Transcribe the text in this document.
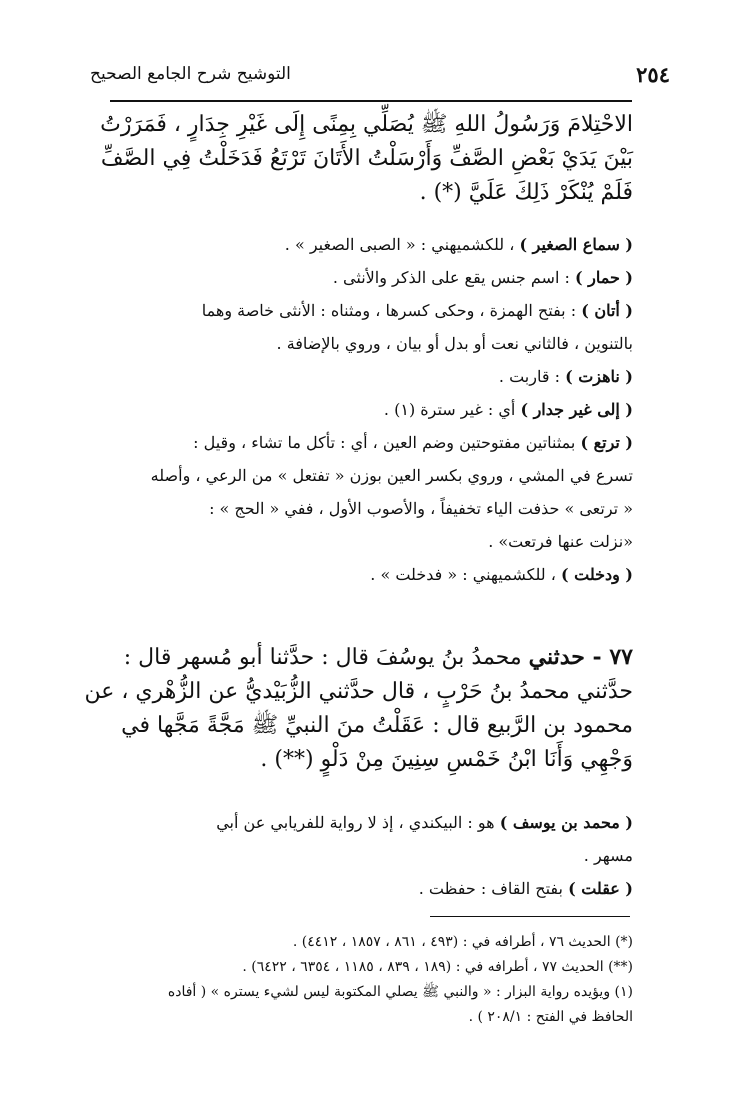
٢٥٤
التوشيح شرح الجامع الصحيح
الاحْتِلامَ وَرَسُولُ اللهِ ﷺ يُصَلِّي بِمِنًى إِلَى غَيْرِ جِدَارٍ ، فَمَرَرْتُ
بَيْنَ يَدَيْ بَعْضِ الصَّفِّ وَأَرْسَلْتُ الأَتَانَ تَرْتَعُ فَدَخَلْتُ فِي الصَّفِّ
فَلَمْ يُنْكَرْ ذَلِكَ عَلَيَّ (*) .
( سماع الصغير ) ، للكشميهني : « الصبى الصغير » .
( حمار ) : اسم جنس يقع على الذكر والأنثى .
( أتان ) : بفتح الهمزة ، وحكى كسرها ، ومثناه : الأنثى خاصة وهما
بالتنوين ، فالثاني نعت أو بدل أو بيان ، وروي بالإضافة .
( ناهزت ) : قاربت .
( إلى غير جدار ) أي : غير سترة (١) .
( ترتع ) بمثناتين مفتوحتين وضم العين ، أي : تأكل ما تشاء ، وقيل :
تسرع في المشي ، وروي بكسر العين بوزن « تفتعل » من الرعي ، وأصله
« ترتعى » حذفت الياء تخفيفاً ، والأصوب الأول ، ففي « الحج » :
«نزلت عنها فرتعت» .
( ودخلت ) ، للكشميهني : « فدخلت » .
٧٧ - حدثني محمدُ بنُ يوسُفَ قال : حدَّثنا أبو مُسهر قال :
حدَّثني محمدُ بنُ حَرْبٍ ، قال حدَّثني الزُّبَيْديُّ عن الزُّهْري ، عن
محمود بن الرَّبيع قال : عَقَلْتُ منَ النبيِّ ﷺ مَجَّةً مَجَّها في
وَجْهِي وَأَنَا ابْنُ خَمْسِ سِنِينَ مِنْ دَلْوٍ (**) .
( محمد بن يوسف ) هو : البيكندي ، إذ لا رواية للفريابي عن أبي
مسهر .
( عقلت ) بفتح القاف : حفظت .
(*) الحديث ٧٦ ، أطرافه في : (٤٩٣ ، ٨٦١ ، ١٨٥٧ ، ٤٤١٢) .
(**) الحديث ٧٧ ، أطرافه في : (١٨٩ ، ٨٣٩ ، ١١٨٥ ، ٦٣٥٤ ، ٦٤٢٢) .
(١) ويؤيده رواية البزار : « والنبي ﷺ يصلي المكتوبة ليس لشيء يستره » ( أفاده
الحافظ في الفتح : ٢٠٨/١ ) .
